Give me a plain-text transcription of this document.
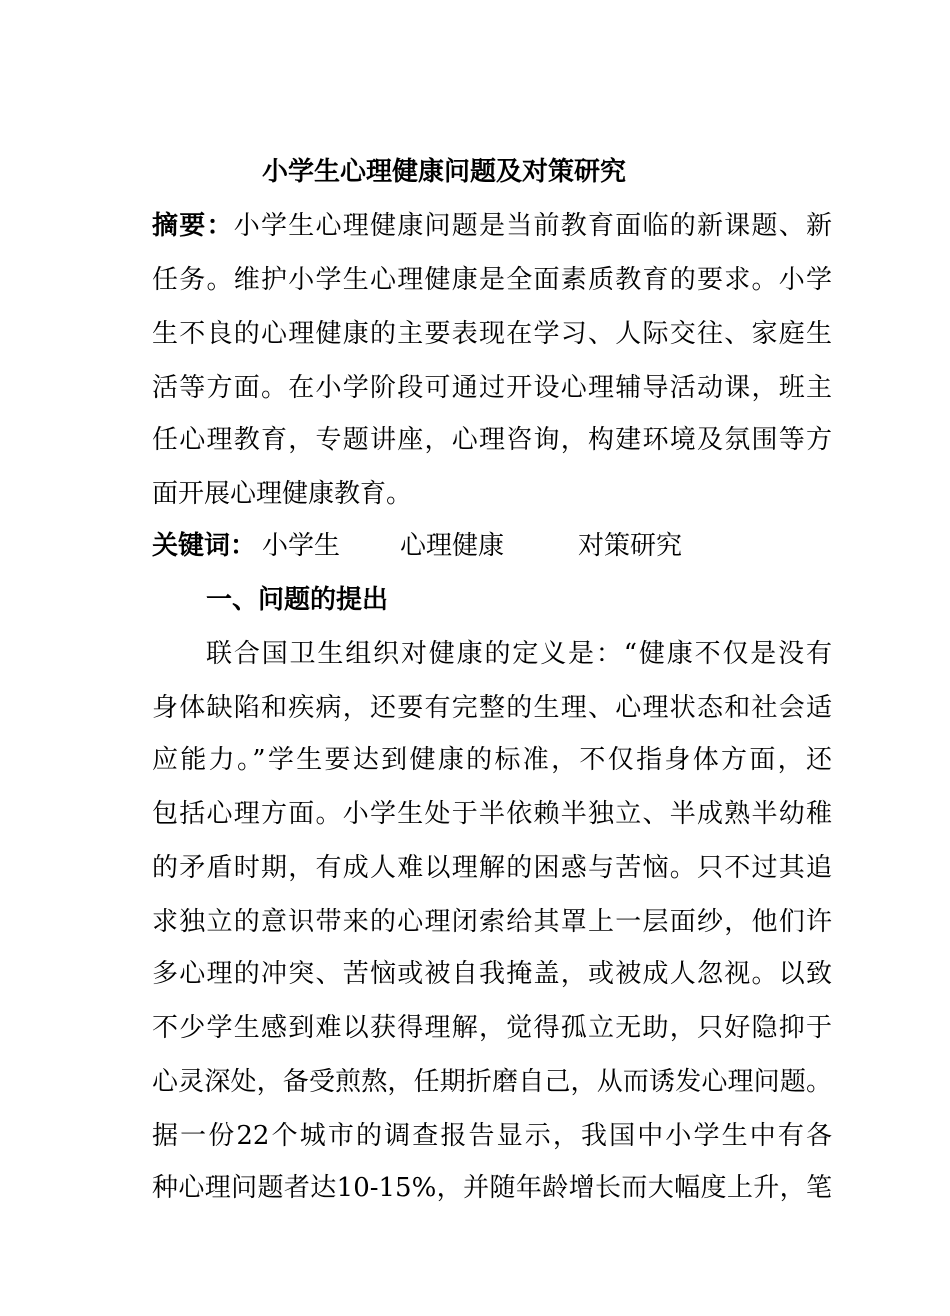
小学生心理健康问题及对策研究
摘要：小学生心理健康问题是当前教育面临的新课题、新
任务。维护小学生心理健康是全面素质教育的要求。小学
生不良的心理健康的主要表现在学习、人际交往、家庭生
活等方面。在小学阶段可通过开设心理辅导活动课，班主
任心理教育，专题讲座，心理咨询，构建环境及氛围等方
面开展心理健康教育。
关键词： 小学生 心理健康	对策研究
一、问题的提出
联合国卫生组织对健康的定义是：“健康不仅是没有
身体缺陷和疾病，还要有完整的生理、心理状态和社会适
应能力。”学生要达到健康的标准，不仅指身体方面，还
包括心理方面。小学生处于半依赖半独立、半成熟半幼稚
的矛盾时期，有成人难以理解的困惑与苦恼。只不过其追
求独立的意识带来的心理闭索给其罩上一层面纱，他们许
多心理的冲突、苦恼或被自我掩盖，或被成人忽视。以致
不少学生感到难以获得理解，觉得孤立无助，只好隐抑于
心灵深处，备受煎熬，任期折磨自己，从而诱发心理问题。
据一份22个城市的调查报告显示，我国中小学生中有各
种心理问题者达10-15%，并随年龄增长而大幅度上升，笔
